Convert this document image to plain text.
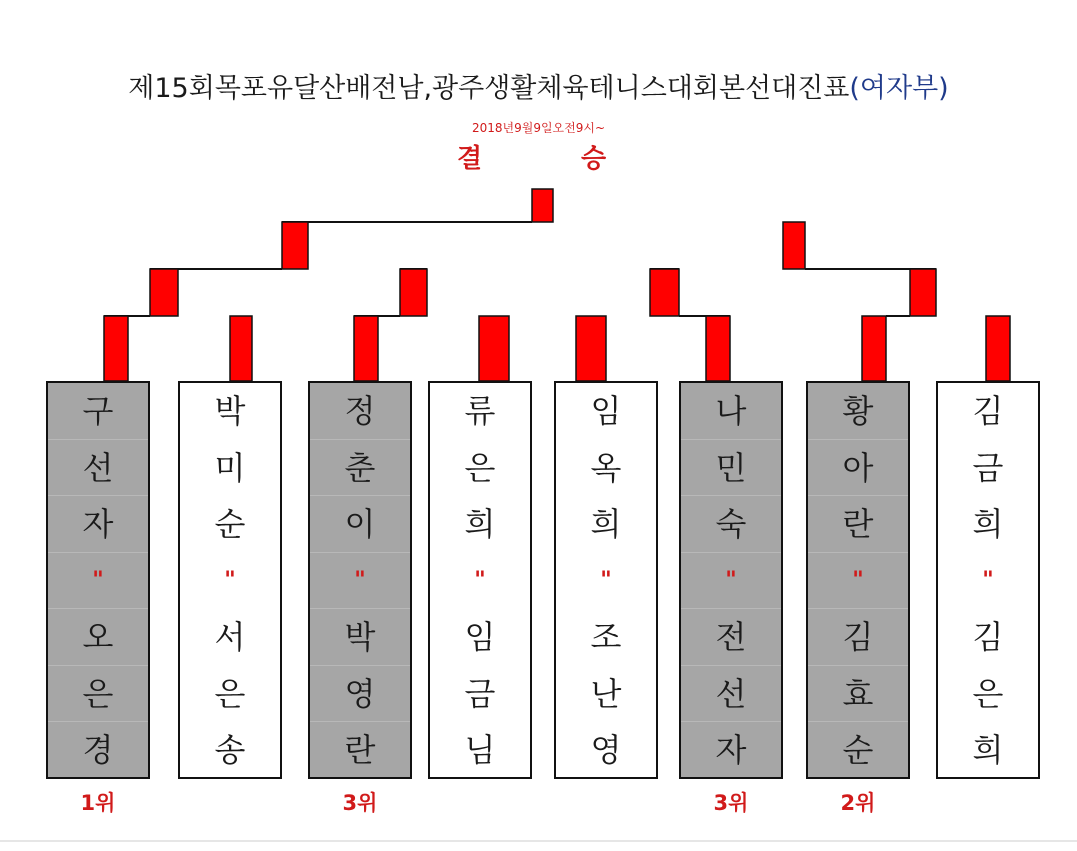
제15회목포유달산배전남,광주생활체육테니스대회본선대진표(여자부)
2018년9월9일오전9시~
결	승
구
선
자
"
오
은
경
박
미
순
"
서
은
송
정
춘
이
"
박
영
란
류
은
희
"
임
금
님
임
옥
희
"
조
난
영
나
민
숙
"
전
선
자
황
아
란
"
김
효
순
김
금
희
"
김
은
희
1위	3위	3위	2위
